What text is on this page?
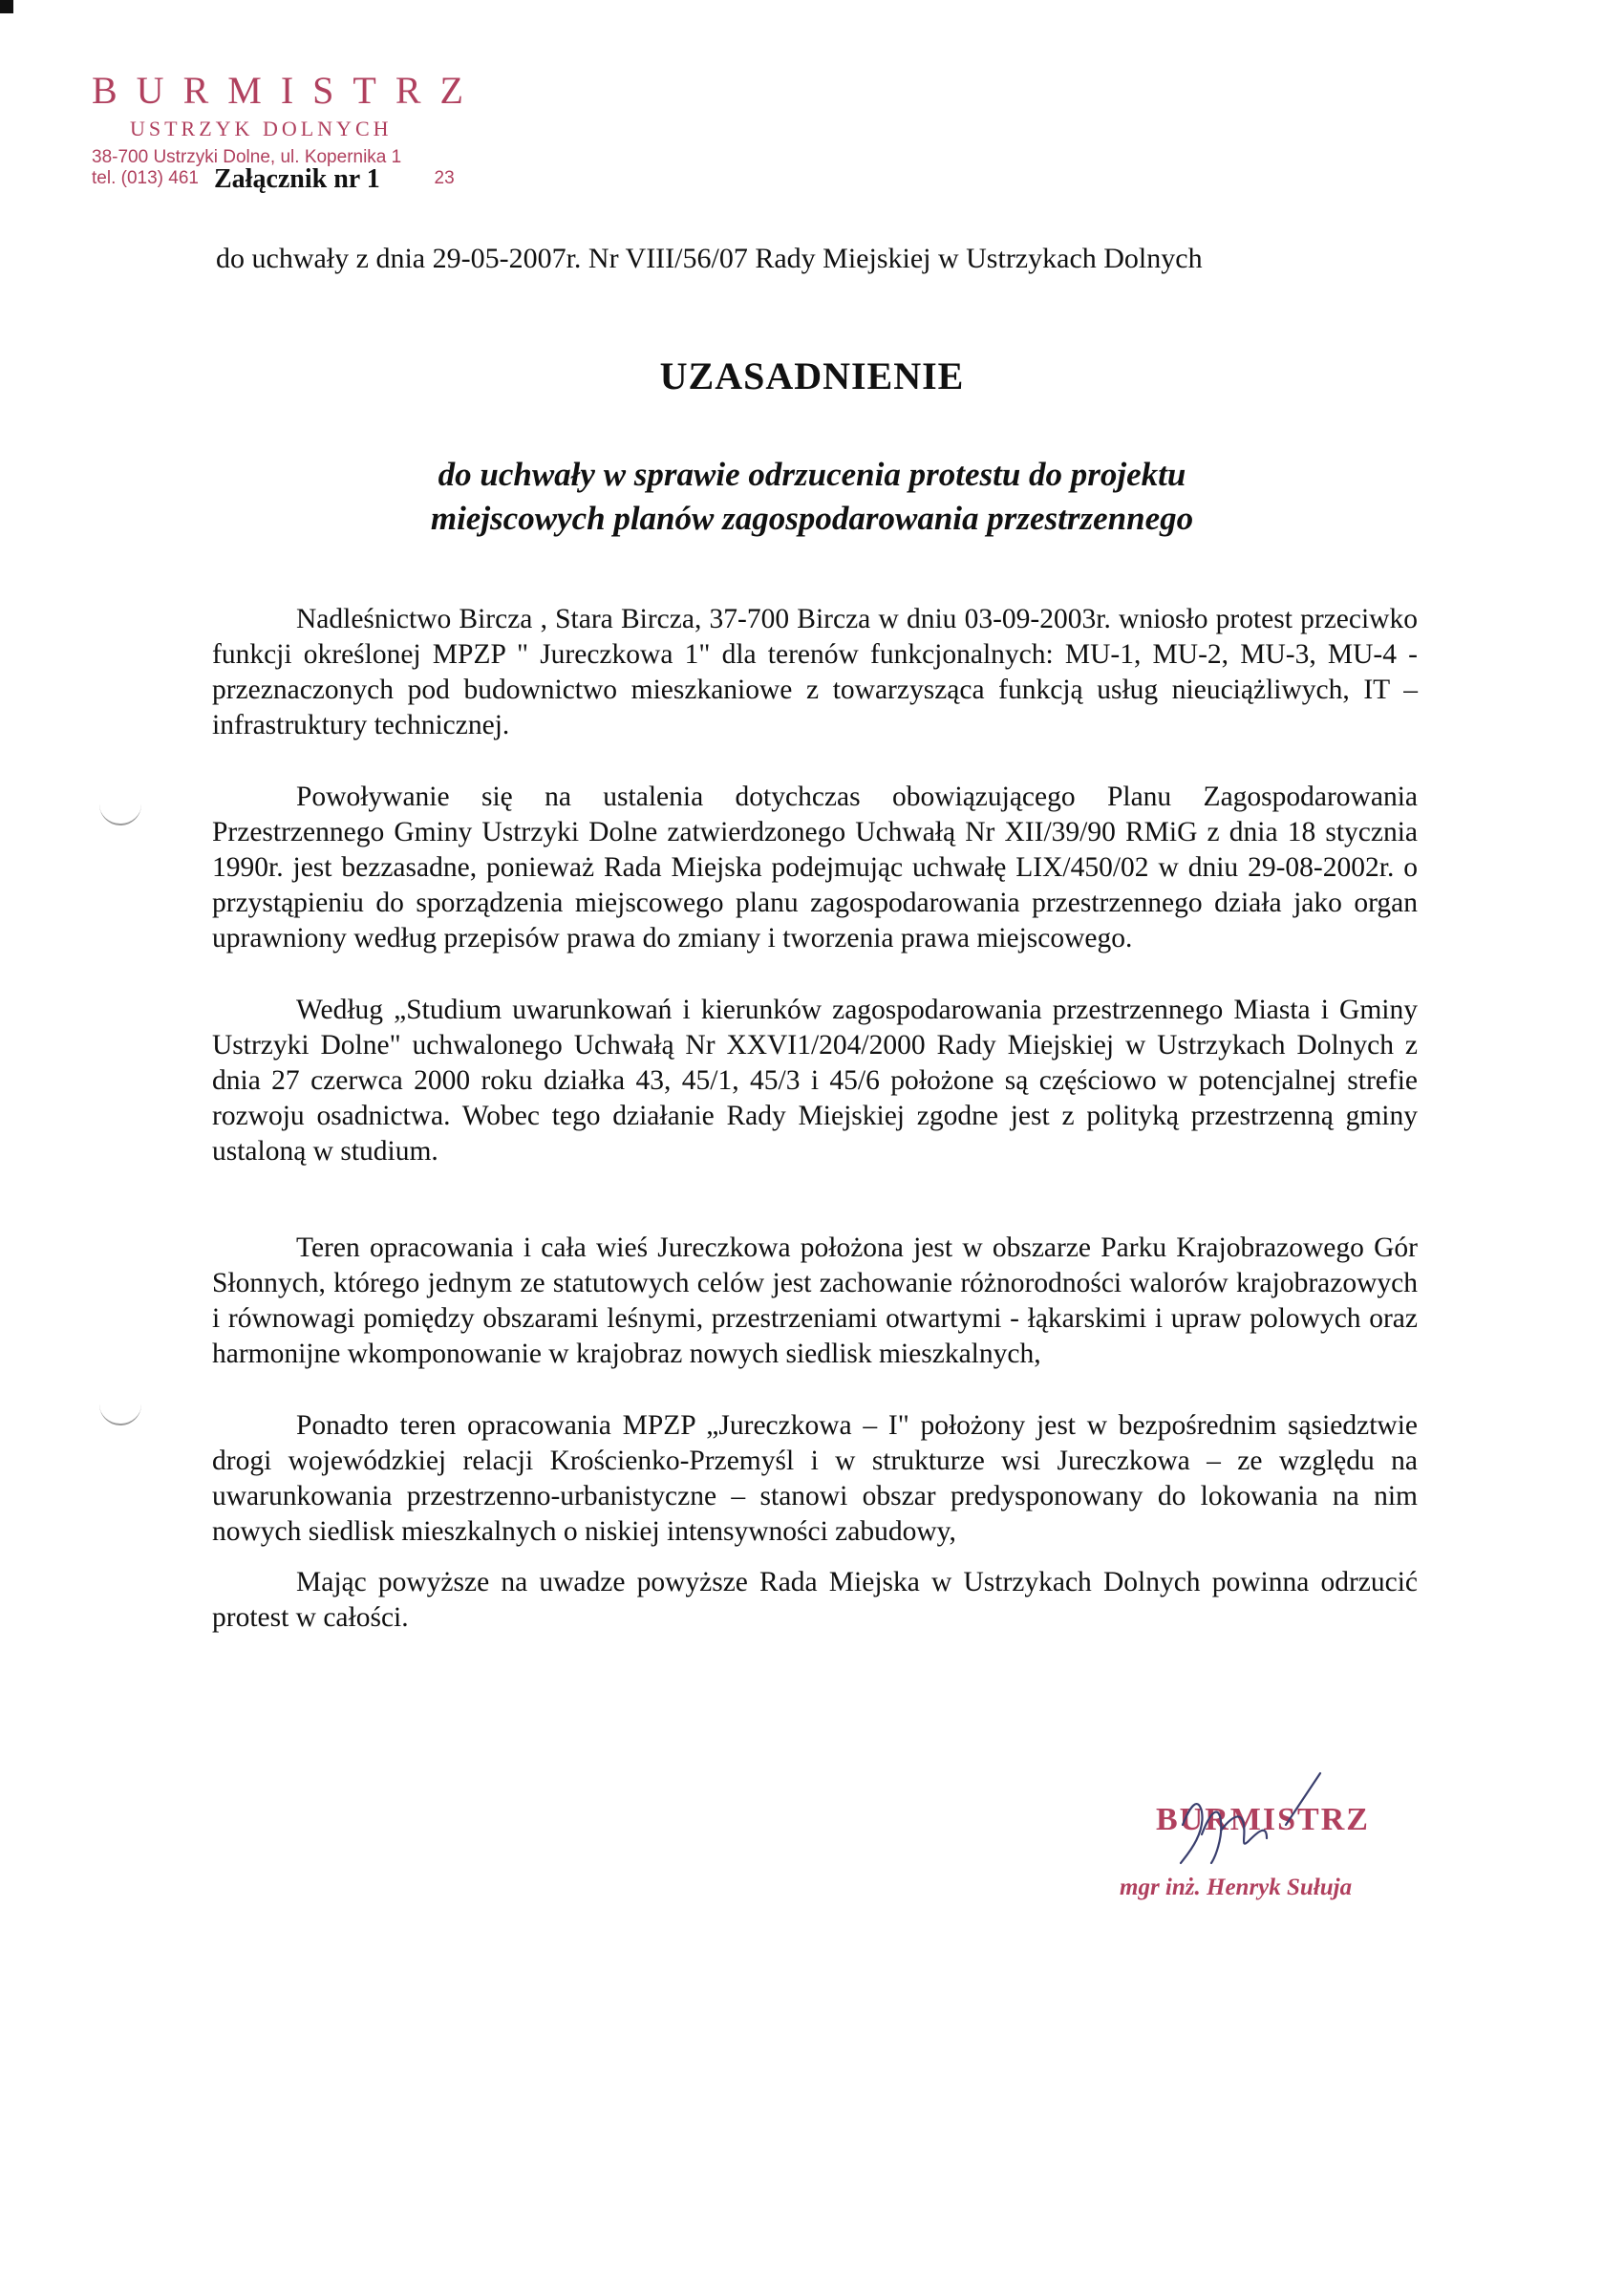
BURMISTRZ

USTRZYK DOLNYCH

38-700 Ustrzyki Dolne, ul. Kopernika 1

tel. (013) 461	23

Załącznik nr 1
do uchwały z dnia 29-05-2007r. Nr VIII/56/07 Rady Miejskiej w Ustrzykach Dolnych
UZASADNIENIE
do uchwały w sprawie odrzucenia protestu do projektu
miejscowych planów zagospodarowania przestrzennego

Nadleśnictwo Bircza , Stara Bircza, 37-700 Bircza w dniu 03-09-2003r. wniosło protest przeciwko funkcji określonej MPZP " Jureczkowa 1" dla terenów funkcjonalnych: MU-1, MU-2, MU-3, MU-4 - przeznaczonych pod budownictwo mieszkaniowe z towarzysząca funkcją usług nieuciążliwych, IT – infrastruktury technicznej.

Powoływanie się na ustalenia dotychczas obowiązującego Planu Zagospodarowania Przestrzennego Gminy Ustrzyki Dolne zatwierdzonego Uchwałą Nr XII/39/90 RMiG z dnia 18 stycznia 1990r. jest bezzasadne, ponieważ Rada Miejska podejmując uchwałę LIX/450/02 w dniu 29-08-2002r. o przystąpieniu do sporządzenia miejscowego planu zagospodarowania przestrzennego działa jako organ uprawniony według przepisów prawa do zmiany i tworzenia prawa miejscowego.

Według „Studium uwarunkowań i kierunków zagospodarowania przestrzennego Miasta i Gminy Ustrzyki Dolne" uchwalonego Uchwałą Nr XXVI1/204/2000 Rady Miejskiej w Ustrzykach Dolnych z dnia 27 czerwca 2000 roku działka 43, 45/1, 45/3 i 45/6 położone są częściowo w potencjalnej strefie rozwoju osadnictwa. Wobec tego działanie Rady Miejskiej zgodne jest z polityką przestrzenną gminy ustaloną w studium.

Teren opracowania i cała wieś Jureczkowa położona jest w obszarze Parku Krajobrazowego Gór Słonnych, którego jednym ze statutowych celów jest zachowanie różnorodności walorów krajobrazowych i równowagi pomiędzy obszarami leśnymi, przestrzeniami otwartymi - łąkarskimi i upraw polowych oraz harmonijne wkomponowanie w krajobraz nowych siedlisk mieszkalnych,

Ponadto teren opracowania MPZP „Jureczkowa – I" położony jest w bezpośrednim sąsiedztwie drogi wojewódzkiej relacji Krościenko-Przemyśl i w strukturze wsi Jureczkowa – ze względu na uwarunkowania przestrzenno-urbanistyczne – stanowi obszar predysponowany do lokowania na nim nowych siedlisk mieszkalnych o niskiej intensywności zabudowy,

Mając powyższe na uwadze powyższe Rada Miejska w Ustrzykach Dolnych powinna odrzucić protest w całości.

BURMISTRZ
mgr inż. Henryk Sułuja
